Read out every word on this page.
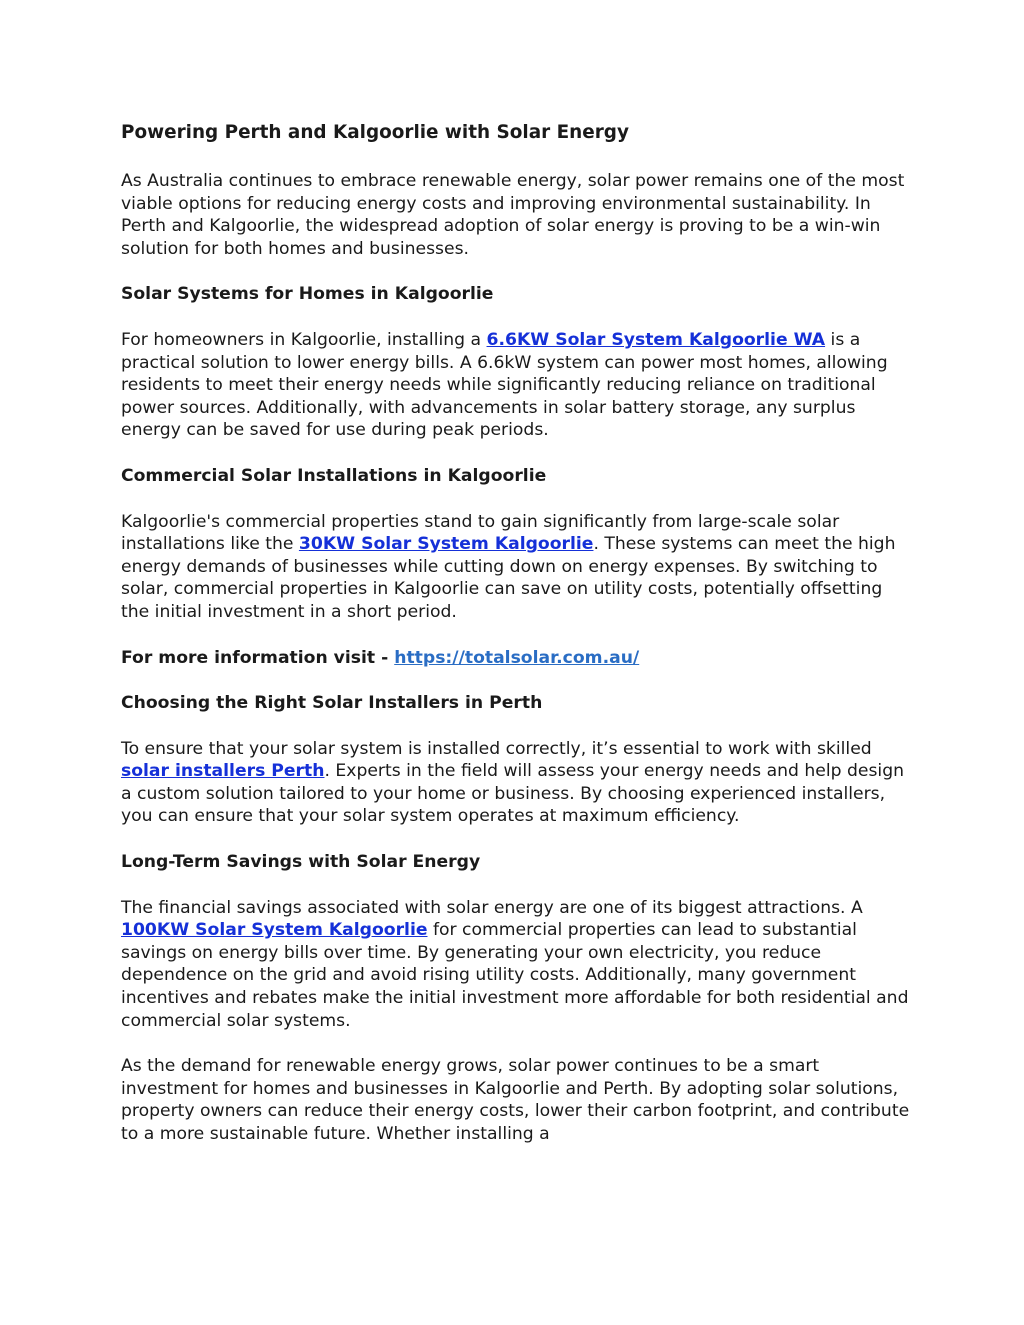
Powering Perth and Kalgoorlie with Solar Energy

As Australia continues to embrace renewable energy, solar power remains one of the most viable options for reducing energy costs and improving environmental sustainability. In Perth and Kalgoorlie, the widespread adoption of solar energy is proving to be a win-win solution for both homes and businesses.

Solar Systems for Homes in Kalgoorlie

For homeowners in Kalgoorlie, installing a 6.6KW Solar System Kalgoorlie WA is a practical solution to lower energy bills. A 6.6kW system can power most homes, allowing residents to meet their energy needs while significantly reducing reliance on traditional power sources. Additionally, with advancements in solar battery storage, any surplus energy can be saved for use during peak periods.

Commercial Solar Installations in Kalgoorlie

Kalgoorlie's commercial properties stand to gain significantly from large-scale solar installations like the 30KW Solar System Kalgoorlie. These systems can meet the high energy demands of businesses while cutting down on energy expenses. By switching to solar, commercial properties in Kalgoorlie can save on utility costs, potentially offsetting the initial investment in a short period.

For more information visit - https://totalsolar.com.au/

Choosing the Right Solar Installers in Perth

To ensure that your solar system is installed correctly, it’s essential to work with skilled solar installers Perth. Experts in the field will assess your energy needs and help design a custom solution tailored to your home or business. By choosing experienced installers, you can ensure that your solar system operates at maximum efficiency.

Long-Term Savings with Solar Energy

The financial savings associated with solar energy are one of its biggest attractions. A 100KW Solar System Kalgoorlie for commercial properties can lead to substantial savings on energy bills over time. By generating your own electricity, you reduce dependence on the grid and avoid rising utility costs. Additionally, many government incentives and rebates make the initial investment more affordable for both residential and commercial solar systems.

As the demand for renewable energy grows, solar power continues to be a smart investment for homes and businesses in Kalgoorlie and Perth. By adopting solar solutions, property owners can reduce their energy costs, lower their carbon footprint, and contribute to a more sustainable future. Whether installing a
